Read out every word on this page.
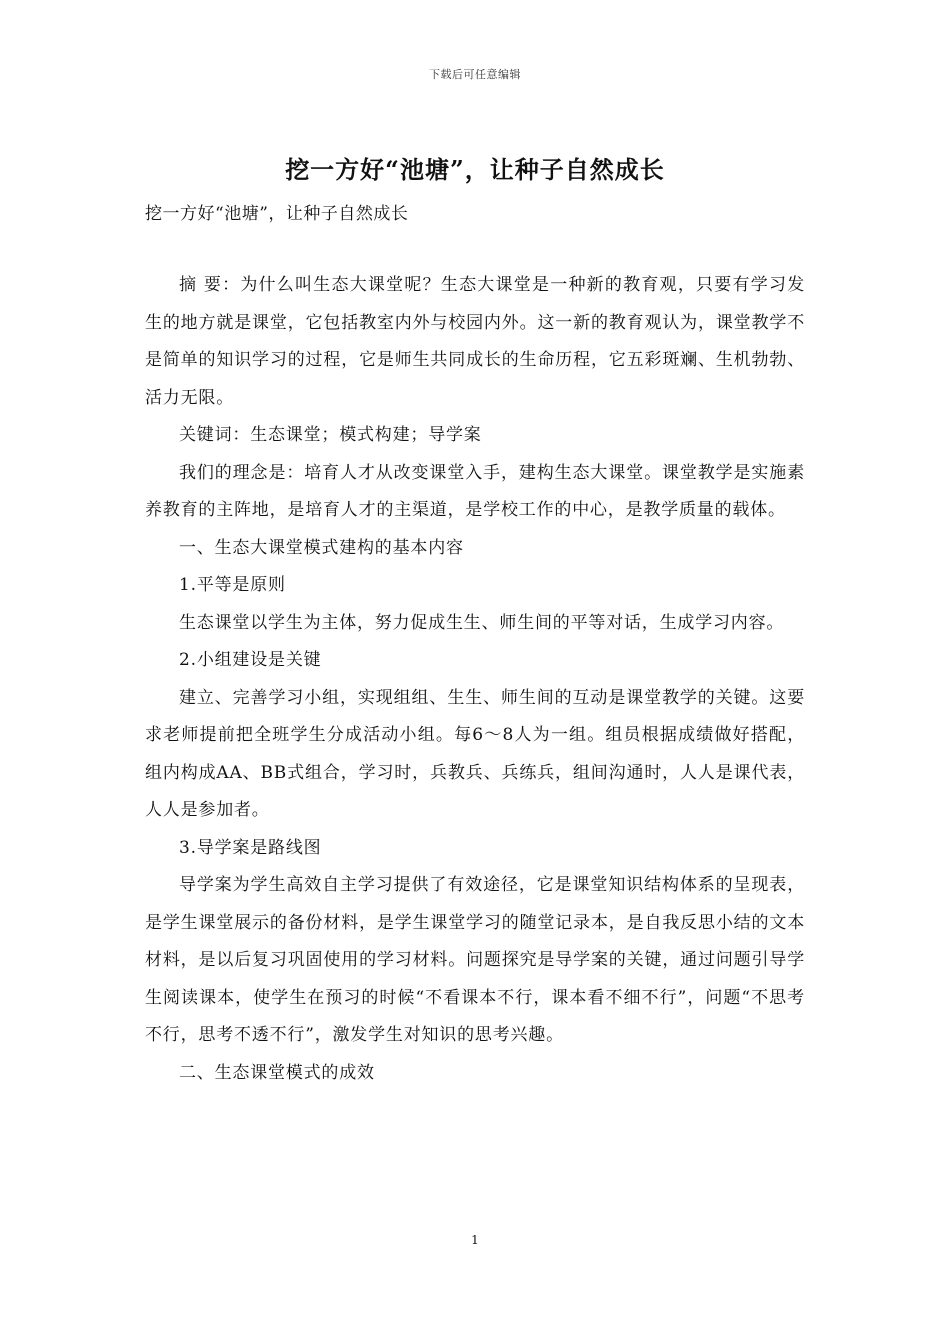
下载后可任意编辑
挖一方好“池塘”，让种子自然成长

挖一方好“池塘”，让种子自然成长

摘 要：为什么叫生态大课堂呢？生态大课堂是一种新的教育观，只要有学习发生的地方就是课堂，它包括教室内外与校园内外。这一新的教育观认为，课堂教学不是简单的知识学习的过程，它是师生共同成长的生命历程，它五彩斑斓、生机勃勃、活力无限。

关键词：生态课堂；模式构建；导学案

我们的理念是：培育人才从改变课堂入手，建构生态大课堂。课堂教学是实施素养教育的主阵地，是培育人才的主渠道，是学校工作的中心，是教学质量的载体。

一、生态大课堂模式建构的基本内容

1.平等是原则

生态课堂以学生为主体，努力促成生生、师生间的平等对话，生成学习内容。

2.小组建设是关键

建立、完善学习小组，实现组组、生生、师生间的互动是课堂教学的关键。这要求老师提前把全班学生分成活动小组。每6～8人为一组。组员根据成绩做好搭配，组内构成AA、BB式组合，学习时，兵教兵、兵练兵，组间沟通时，人人是课代表，人人是参加者。

3.导学案是路线图

导学案为学生高效自主学习提供了有效途径，它是课堂知识结构体系的呈现表，是学生课堂展示的备份材料，是学生课堂学习的随堂记录本，是自我反思小结的文本材料，是以后复习巩固使用的学习材料。问题探究是导学案的关键，通过问题引导学生阅读课本，使学生在预习的时候“不看课本不行，课本看不细不行”，问题“不思考不行，思考不透不行”，激发学生对知识的思考兴趣。

二、生态课堂模式的成效

1
